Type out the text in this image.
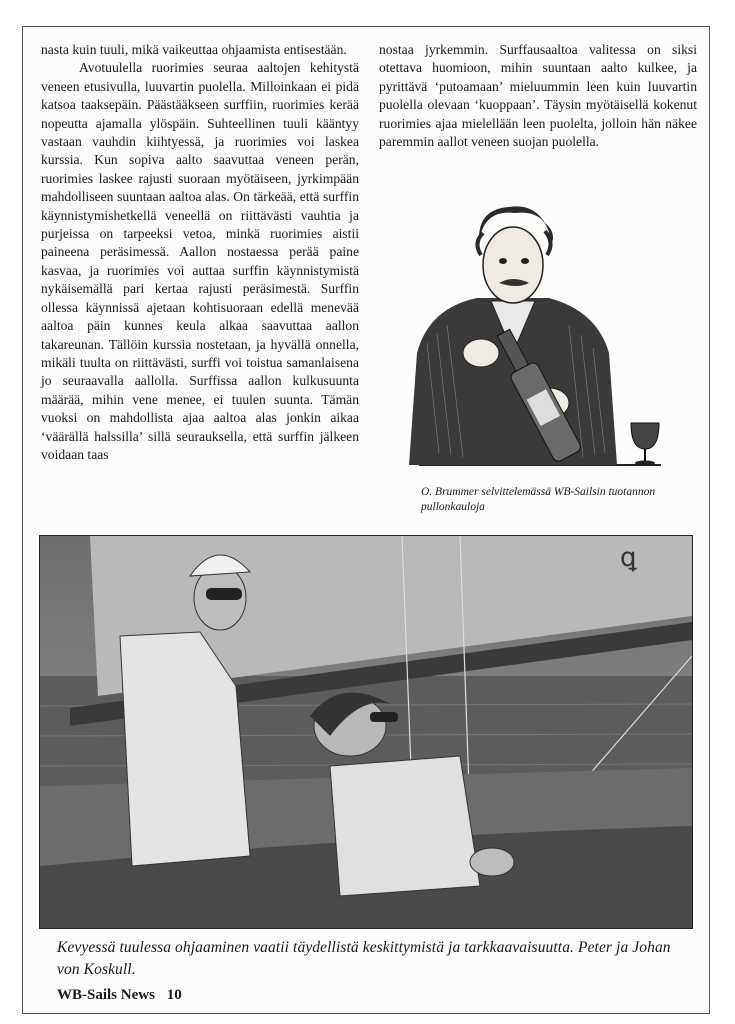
nasta kuin tuuli, mikä vaikeuttaa ohjaamista entisestään.

Avotuulella ruorimies seuraa aaltojen kehitystä veneen etusivulla, luuvartin puolella. Milloinkaan ei pidä katsoa taaksepäin. Päästääkseen surffiin, ruorimies kerää nopeutta ajamalla ylöspäin. Suhteellinen tuuli kääntyy vastaan vauhdin kiihtyessä, ja ruorimies voi laskea kurssia. Kun sopiva aalto saavuttaa veneen perän, ruorimies laskee rajusti suoraan myötäiseen, jyrkimpään mahdolliseen suuntaan aaltoa alas. On tärkeää, että surffin käynnistymishetkellä veneellä on riittävästi vauhtia ja purjeissa on tarpeeksi vetoa, minkä ruorimies aistii paineena peräsimessä. Aallon nostaessa perää paine kasvaa, ja ruorimies voi auttaa surffin käynnistymistä nykäisemällä pari kertaa rajusti peräsimestä. Surffin ollessa käynnissä ajetaan kohtisuoraan edellä menevää aaltoa päin kunnes keula alkaa saavuttaa aallon takareunan. Tällöin kurssia nostetaan, ja hyvällä onnella, mikäli tuulta on riittävästi, surffi voi toistua samanlaisena jo seuraavalla aallolla. Surffissa aallon kulkusuunta määrää, mihin vene menee, ei tuulen suunta. Tämän vuoksi on mahdollista ajaa aaltoa alas jonkin aikaa ‘väärällä halssilla’ sillä seurauksella, että surffin jälkeen voidaan taas

nostaa jyrkemmin. Surffausaaltoa valitessa on siksi otettava huomioon, mihin suuntaan aalto kulkee, ja pyrittävä ‘putoamaan’ mieluummin leen kuin luuvartin puolella olevaan ‘kuoppaan’. Täysin myötäisellä kokenut ruorimies ajaa mielellään leen puolelta, jolloin hän näkee paremmin aallot veneen suojan puolella.

O. Brummer selvittelemässä WB-Sailsin tuotannon pullonkauloja
ꝗ
Kevyessä tuulessa ohjaaminen vaatii täydellistä keskittymistä ja tarkkaavaisuutta. Peter ja Johan von Koskull.
WB-Sails News 10
